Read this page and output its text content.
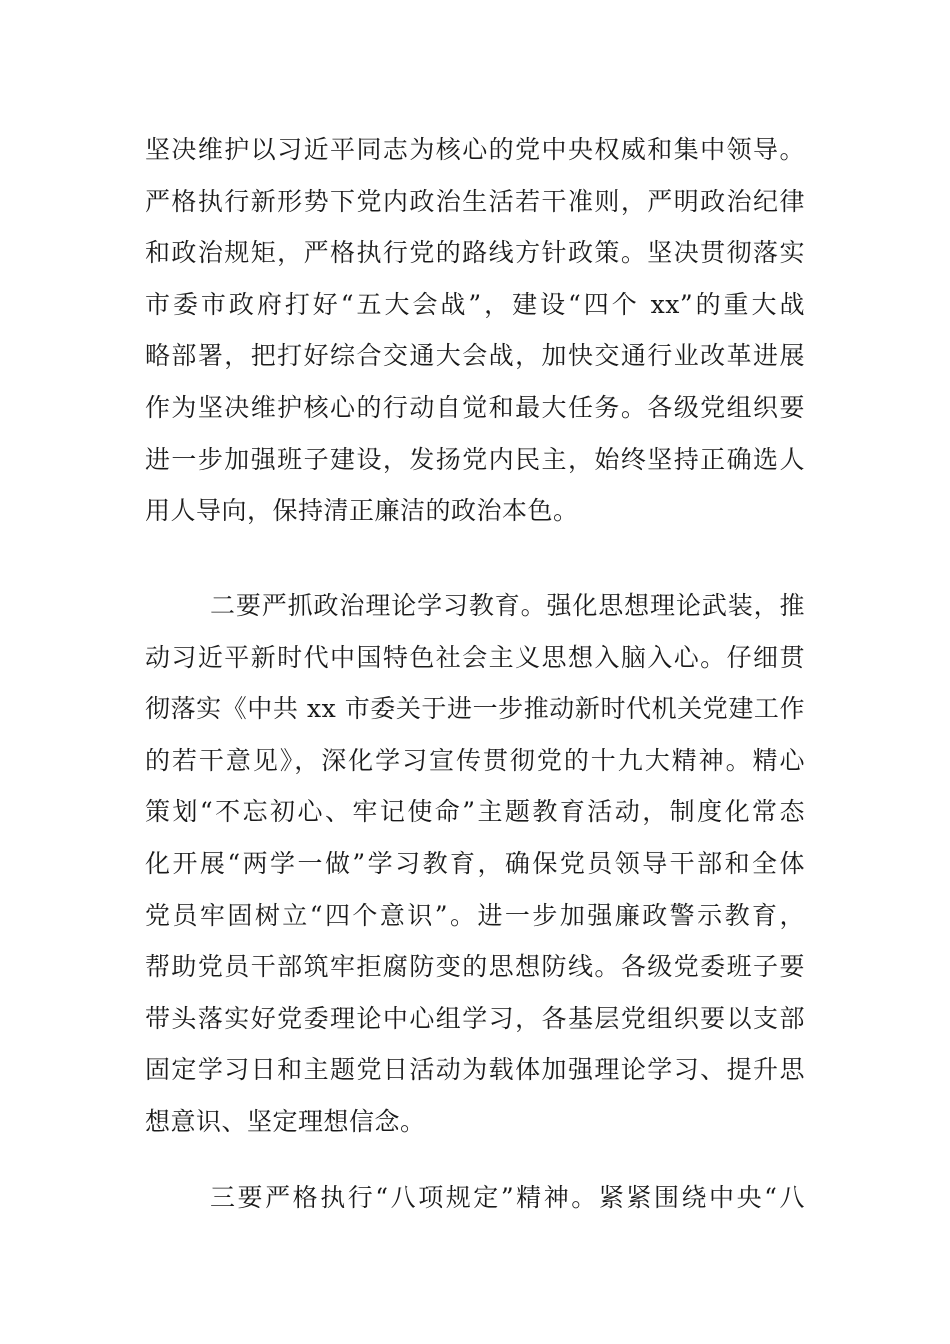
坚决维护以习近平同志为核心的党中央权威和集中领导。
严格执行新形势下党内政治生活若干准则，严明政治纪律
和政治规矩，严格执行党的路线方针政策。坚决贯彻落实
市委市政府打好“五大会战”，建设“四个 xx”的重大战
略部署，把打好综合交通大会战，加快交通行业改革进展
作为坚决维护核心的行动自觉和最大任务。各级党组织要
进一步加强班子建设，发扬党内民主，始终坚持正确选人
用人导向，保持清正廉洁的政治本色。
二要严抓政治理论学习教育。强化思想理论武装，推
动习近平新时代中国特色社会主义思想入脑入心。仔细贯
彻落实《中共 xx 市委关于进一步推动新时代机关党建工作
的若干意见》，深化学习宣传贯彻党的十九大精神。精心
策划“不忘初心、牢记使命”主题教育活动，制度化常态
化开展“两学一做”学习教育，确保党员领导干部和全体
党员牢固树立“四个意识”。进一步加强廉政警示教育，
帮助党员干部筑牢拒腐防变的思想防线。各级党委班子要
带头落实好党委理论中心组学习，各基层党组织要以支部
固定学习日和主题党日活动为载体加强理论学习、提升思
想意识、坚定理想信念。
三要严格执行“八项规定”精神。紧紧围绕中央“八
